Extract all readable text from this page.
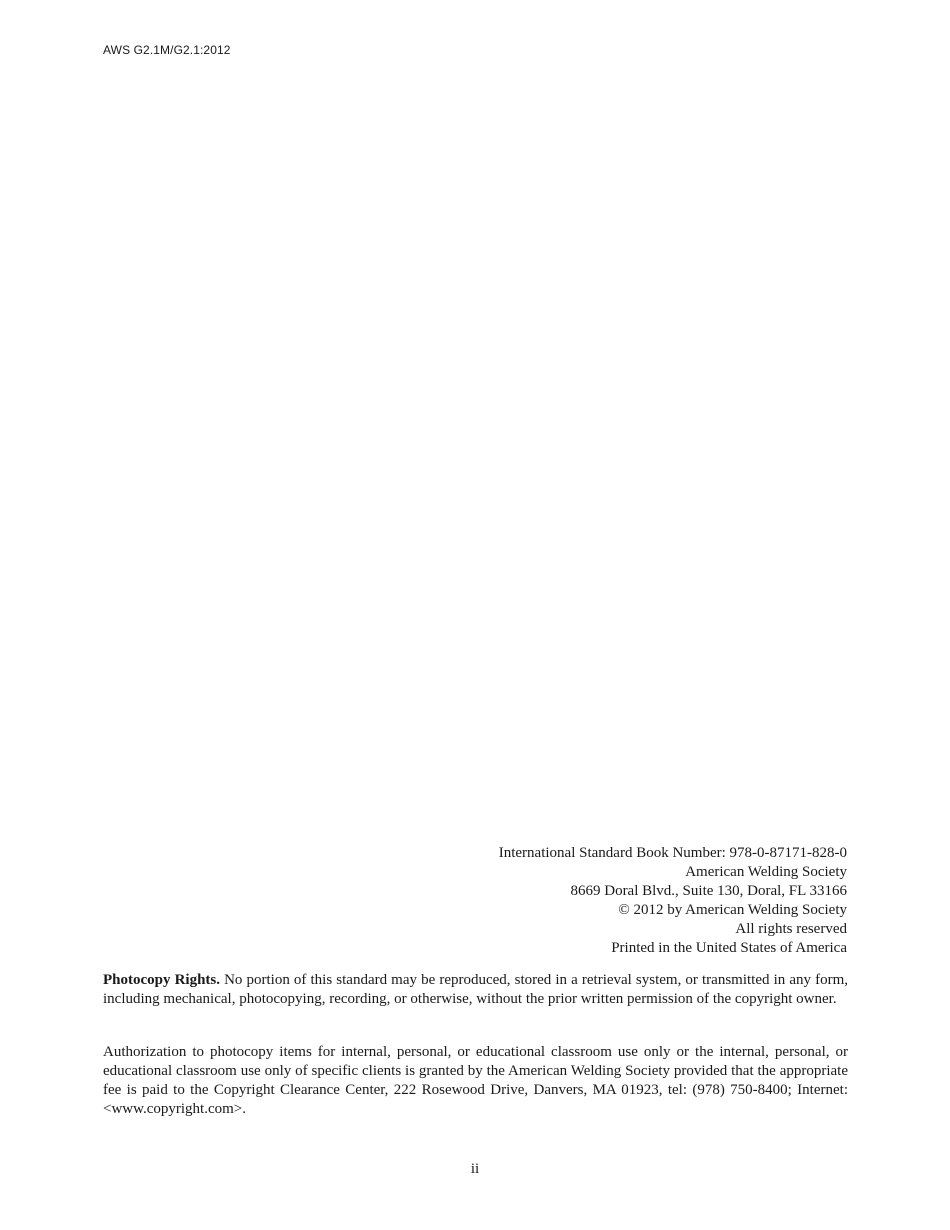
AWS G2.1M/G2.1:2012
International Standard Book Number: 978-0-87171-828-0
American Welding Society
8669 Doral Blvd., Suite 130, Doral, FL 33166
© 2012 by American Welding Society
All rights reserved
Printed in the United States of America

Photocopy Rights. No portion of this standard may be reproduced, stored in a retrieval system, or transmitted in any form, including mechanical, photocopying, recording, or otherwise, without the prior written permission of the copyright owner.

Authorization to photocopy items for internal, personal, or educational classroom use only or the internal, personal, or educational classroom use only of specific clients is granted by the American Welding Society provided that the appropriate fee is paid to the Copyright Clearance Center, 222 Rosewood Drive, Danvers, MA 01923, tel: (978) 750-8400; Internet: <www.copyright.com>.

ii
